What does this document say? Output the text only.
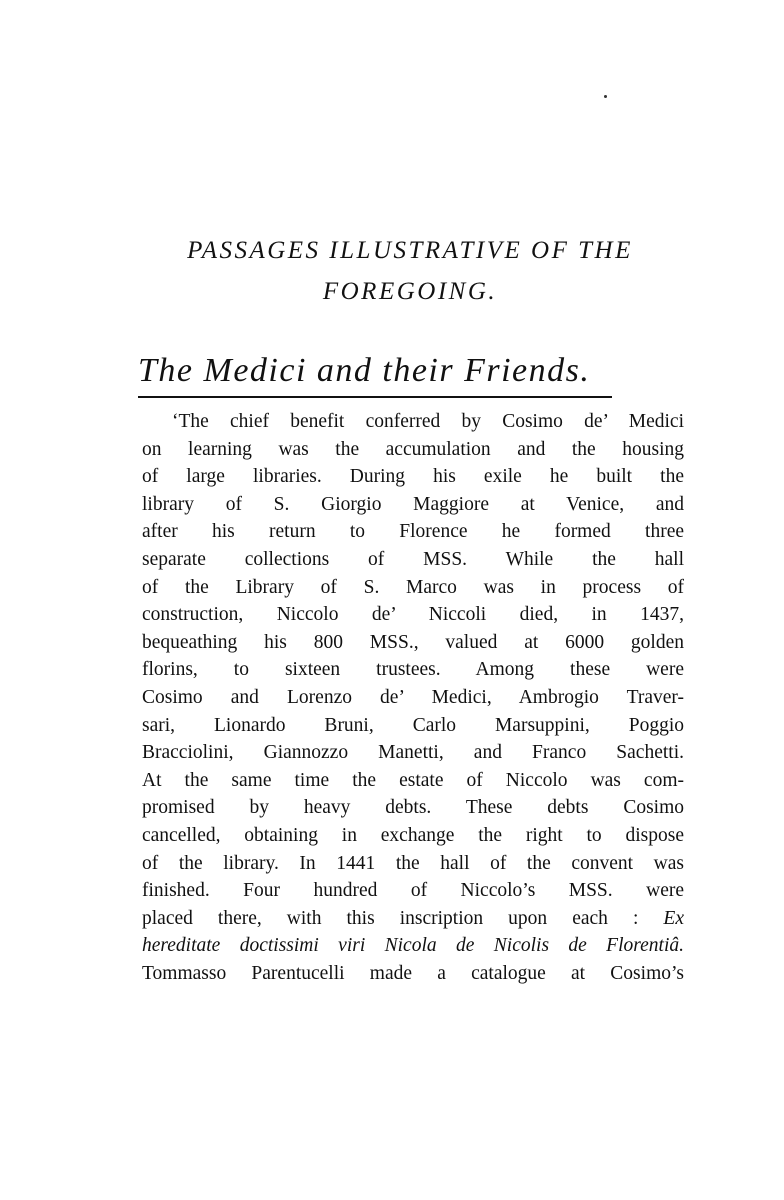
PASSAGES ILLUSTRATIVE OF THE
FOREGOING.
The Medici and their Friends.
‘The chief benefit conferred by Cosimo de’ Medici
on learning was the accumulation and the housing
of large libraries. During his exile he built the
library of S. Giorgio Maggiore at Venice, and
after his return to Florence he formed three
separate collections of MSS. While the hall
of the Library of S. Marco was in process of
construction, Niccolo de’ Niccoli died, in 1437,
bequeathing his 800 MSS., valued at 6000 golden
florins, to sixteen trustees. Among these were
Cosimo and Lorenzo de’ Medici, Ambrogio Traver-
sari, Lionardo Bruni, Carlo Marsuppini, Poggio
Bracciolini, Giannozzo Manetti, and Franco Sachetti.
At the same time the estate of Niccolo was com-
promised by heavy debts. These debts Cosimo
cancelled, obtaining in exchange the right to dispose
of the library. In 1441 the hall of the convent was
finished. Four hundred of Niccolo’s MSS. were
placed there, with this inscription upon each : Ex
hereditate doctissimi viri Nicola de Nicolis de Florentiâ.
Tommasso Parentucelli made a catalogue at Cosimo’s
